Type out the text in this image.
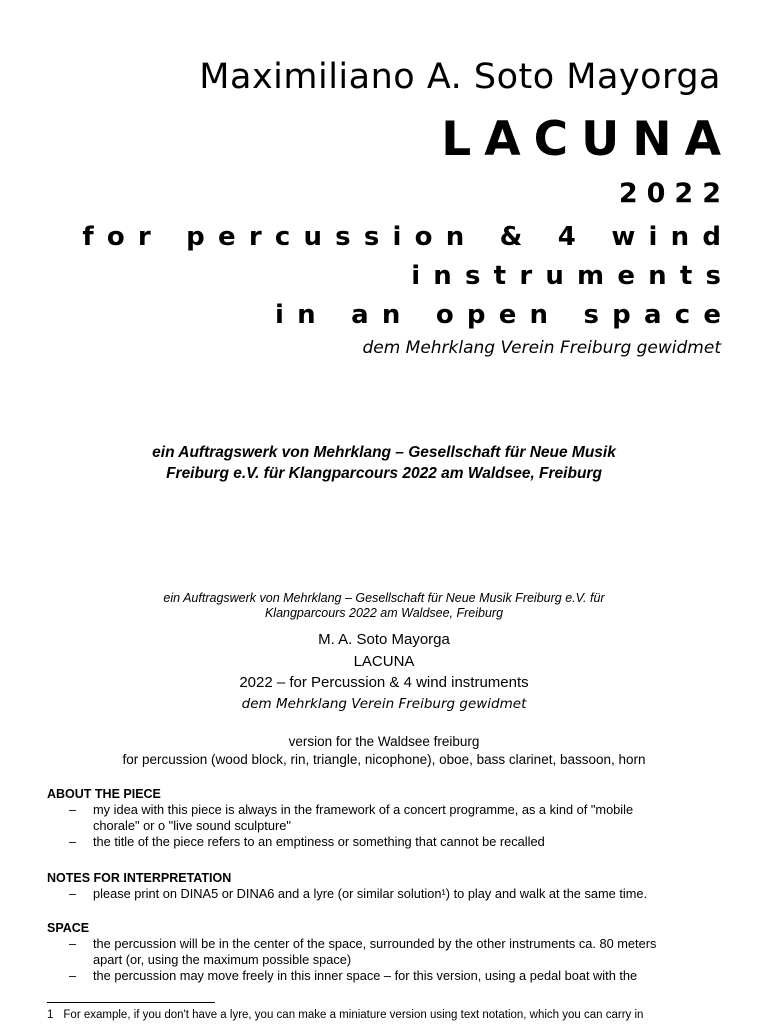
Maximiliano A. Soto Mayorga
LACUNA
2022
for percussion & 4 wind
instruments
in an open space
dem Mehrklang Verein Freiburg gewidmet
ein Auftragswerk von Mehrklang – Gesellschaft für Neue Musik
Freiburg e.V. für Klangparcours 2022 am Waldsee, Freiburg
ein Auftragswerk von Mehrklang – Gesellschaft für Neue Musik Freiburg e.V. für
Klangparcours 2022 am Waldsee, Freiburg
M. A. Soto Mayorga
LACUNA
2022 – for Percussion & 4 wind instruments
dem Mehrklang Verein Freiburg gewidmet
version for the Waldsee freiburg
for percussion (wood block, rin, triangle, nicophone), oboe, bass clarinet, bassoon, horn
ABOUT THE PIECE
– my idea with this piece is always in the framework of a concert programme, as a kind of "mobile
chorale" or o "live sound sculpture"
– the title of the piece refers to an emptiness or something that cannot be recalled
NOTES FOR INTERPRETATION
– please print on DINA5 or DINA6 and a lyre (or similar solution¹) to play and walk at the same time.
SPACE
– the percussion will be in the center of the space, surrounded by the other instruments ca. 80 meters
apart (or, using the maximum possible space)
– the percussion may move freely in this inner space – for this version, using a pedal boat with the
1 For example, if you don't have a lyre, you can make a miniature version using text notation, which you can carry in
